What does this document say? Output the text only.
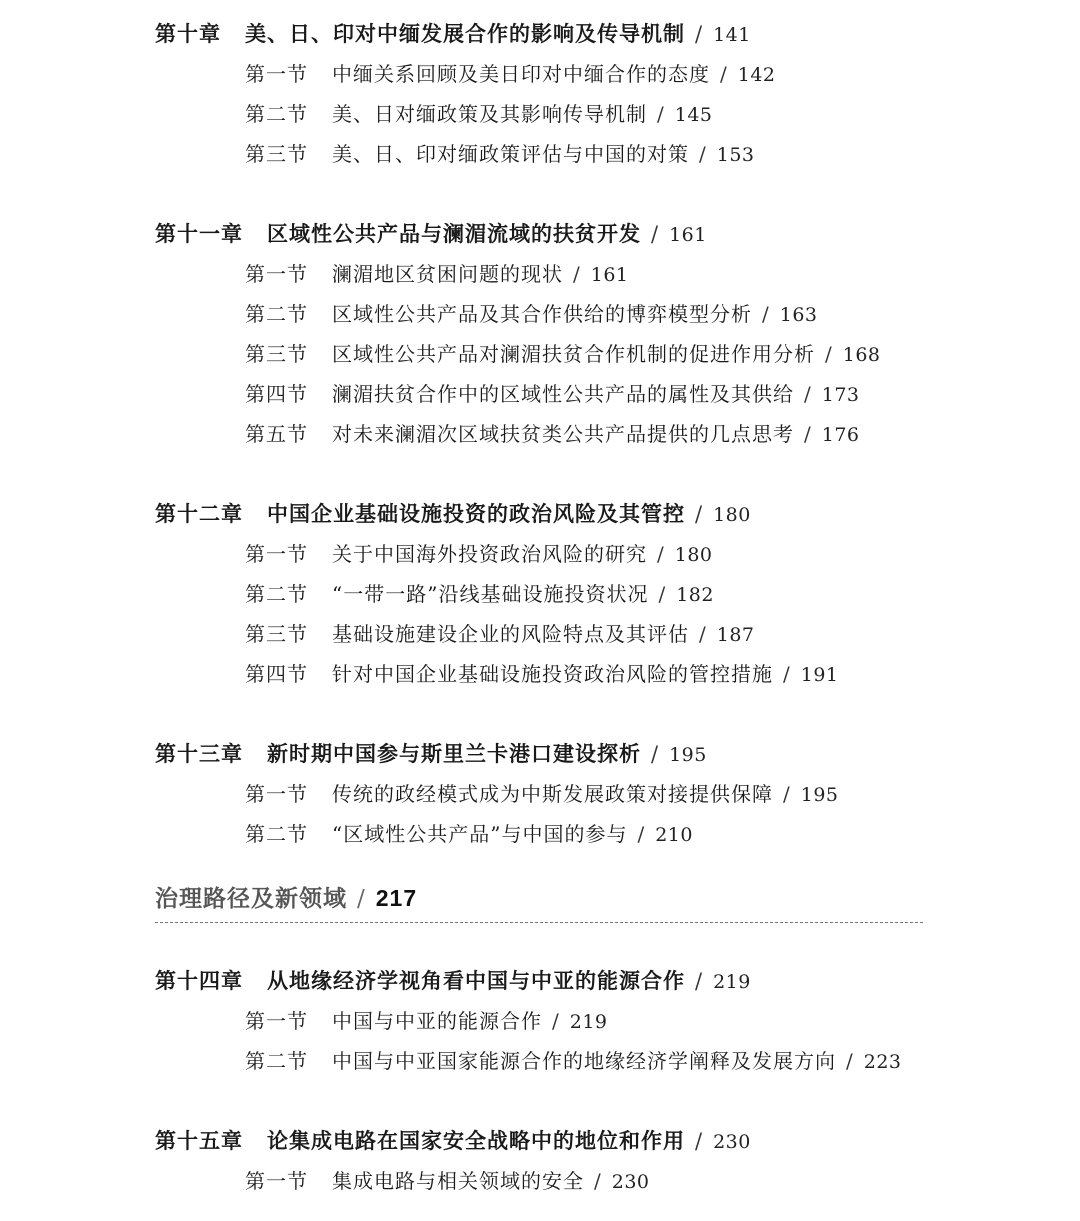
第十章 美、日、印对中缅发展合作的影响及传导机制 / 141
第一节 中缅关系回顾及美日印对中缅合作的态度 / 142
第二节 美、日对缅政策及其影响传导机制 / 145
第三节 美、日、印对缅政策评估与中国的对策 / 153
第十一章 区域性公共产品与澜湄流域的扶贫开发 / 161
第一节 澜湄地区贫困问题的现状 / 161
第二节 区域性公共产品及其合作供给的博弈模型分析 / 163
第三节 区域性公共产品对澜湄扶贫合作机制的促进作用分析 / 168
第四节 澜湄扶贫合作中的区域性公共产品的属性及其供给 / 173
第五节 对未来澜湄次区域扶贫类公共产品提供的几点思考 / 176
第十二章 中国企业基础设施投资的政治风险及其管控 / 180
第一节 关于中国海外投资政治风险的研究 / 180
第二节 “一带一路”沿线基础设施投资状况 / 182
第三节 基础设施建设企业的风险特点及其评估 / 187
第四节 针对中国企业基础设施投资政治风险的管控措施 / 191
第十三章 新时期中国参与斯里兰卡港口建设探析 / 195
第一节 传统的政经模式成为中斯发展政策对接提供保障 / 195
第二节 “区域性公共产品”与中国的参与 / 210
治理路径及新领域 / 217
第十四章 从地缘经济学视角看中国与中亚的能源合作 / 219
第一节 中国与中亚的能源合作 / 219
第二节 中国与中亚国家能源合作的地缘经济学阐释及发展方向 / 223
第十五章 论集成电路在国家安全战略中的地位和作用 / 230
第一节 集成电路与相关领域的安全 / 230
